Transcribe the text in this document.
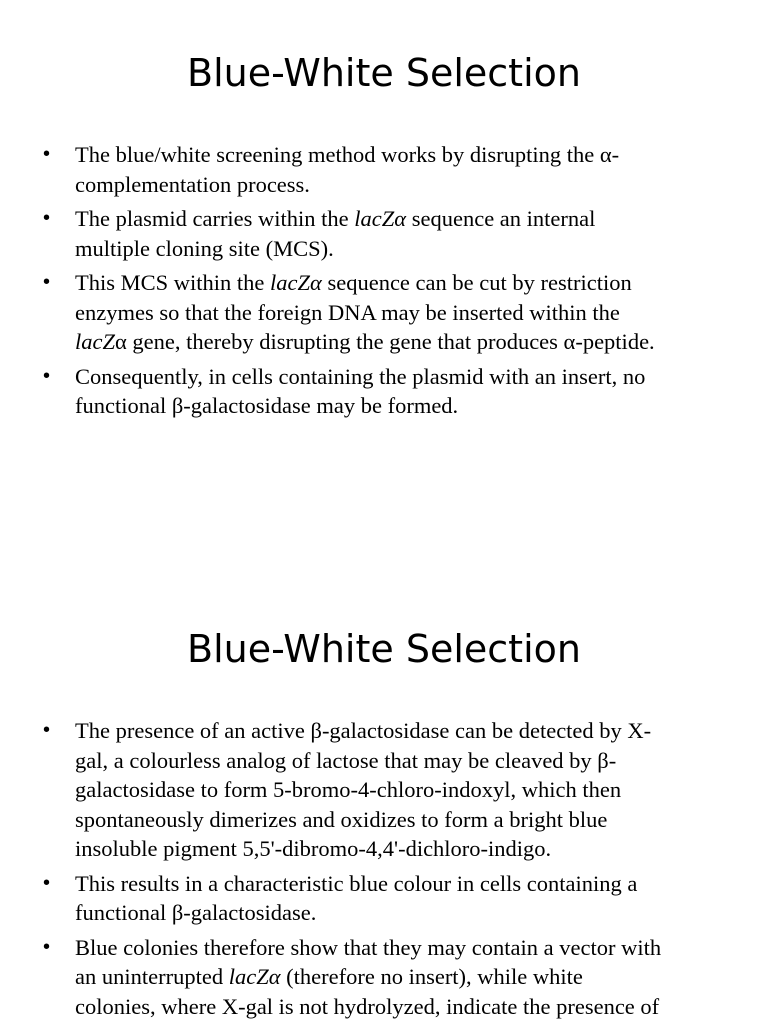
Blue-White Selection
• The blue/white screening method works by disrupting the α-
complementation process.
• The plasmid carries within the lacZα sequence an internal
multiple cloning site (MCS).
• This MCS within the lacZα sequence can be cut by restriction
enzymes so that the foreign DNA may be inserted within the
lacZα gene, thereby disrupting the gene that produces α-peptide.
• Consequently, in cells containing the plasmid with an insert, no
functional β-galactosidase may be formed.
Blue-White Selection
• The presence of an active β-galactosidase can be detected by X-
gal, a colourless analog of lactose that may be cleaved by β-
galactosidase to form 5-bromo-4-chloro-indoxyl, which then
spontaneously dimerizes and oxidizes to form a bright blue
insoluble pigment 5,5'-dibromo-4,4'-dichloro-indigo.
• This results in a characteristic blue colour in cells containing a
functional β-galactosidase.
• Blue colonies therefore show that they may contain a vector with
an uninterrupted lacZα (therefore no insert), while white
colonies, where X-gal is not hydrolyzed, indicate the presence of
